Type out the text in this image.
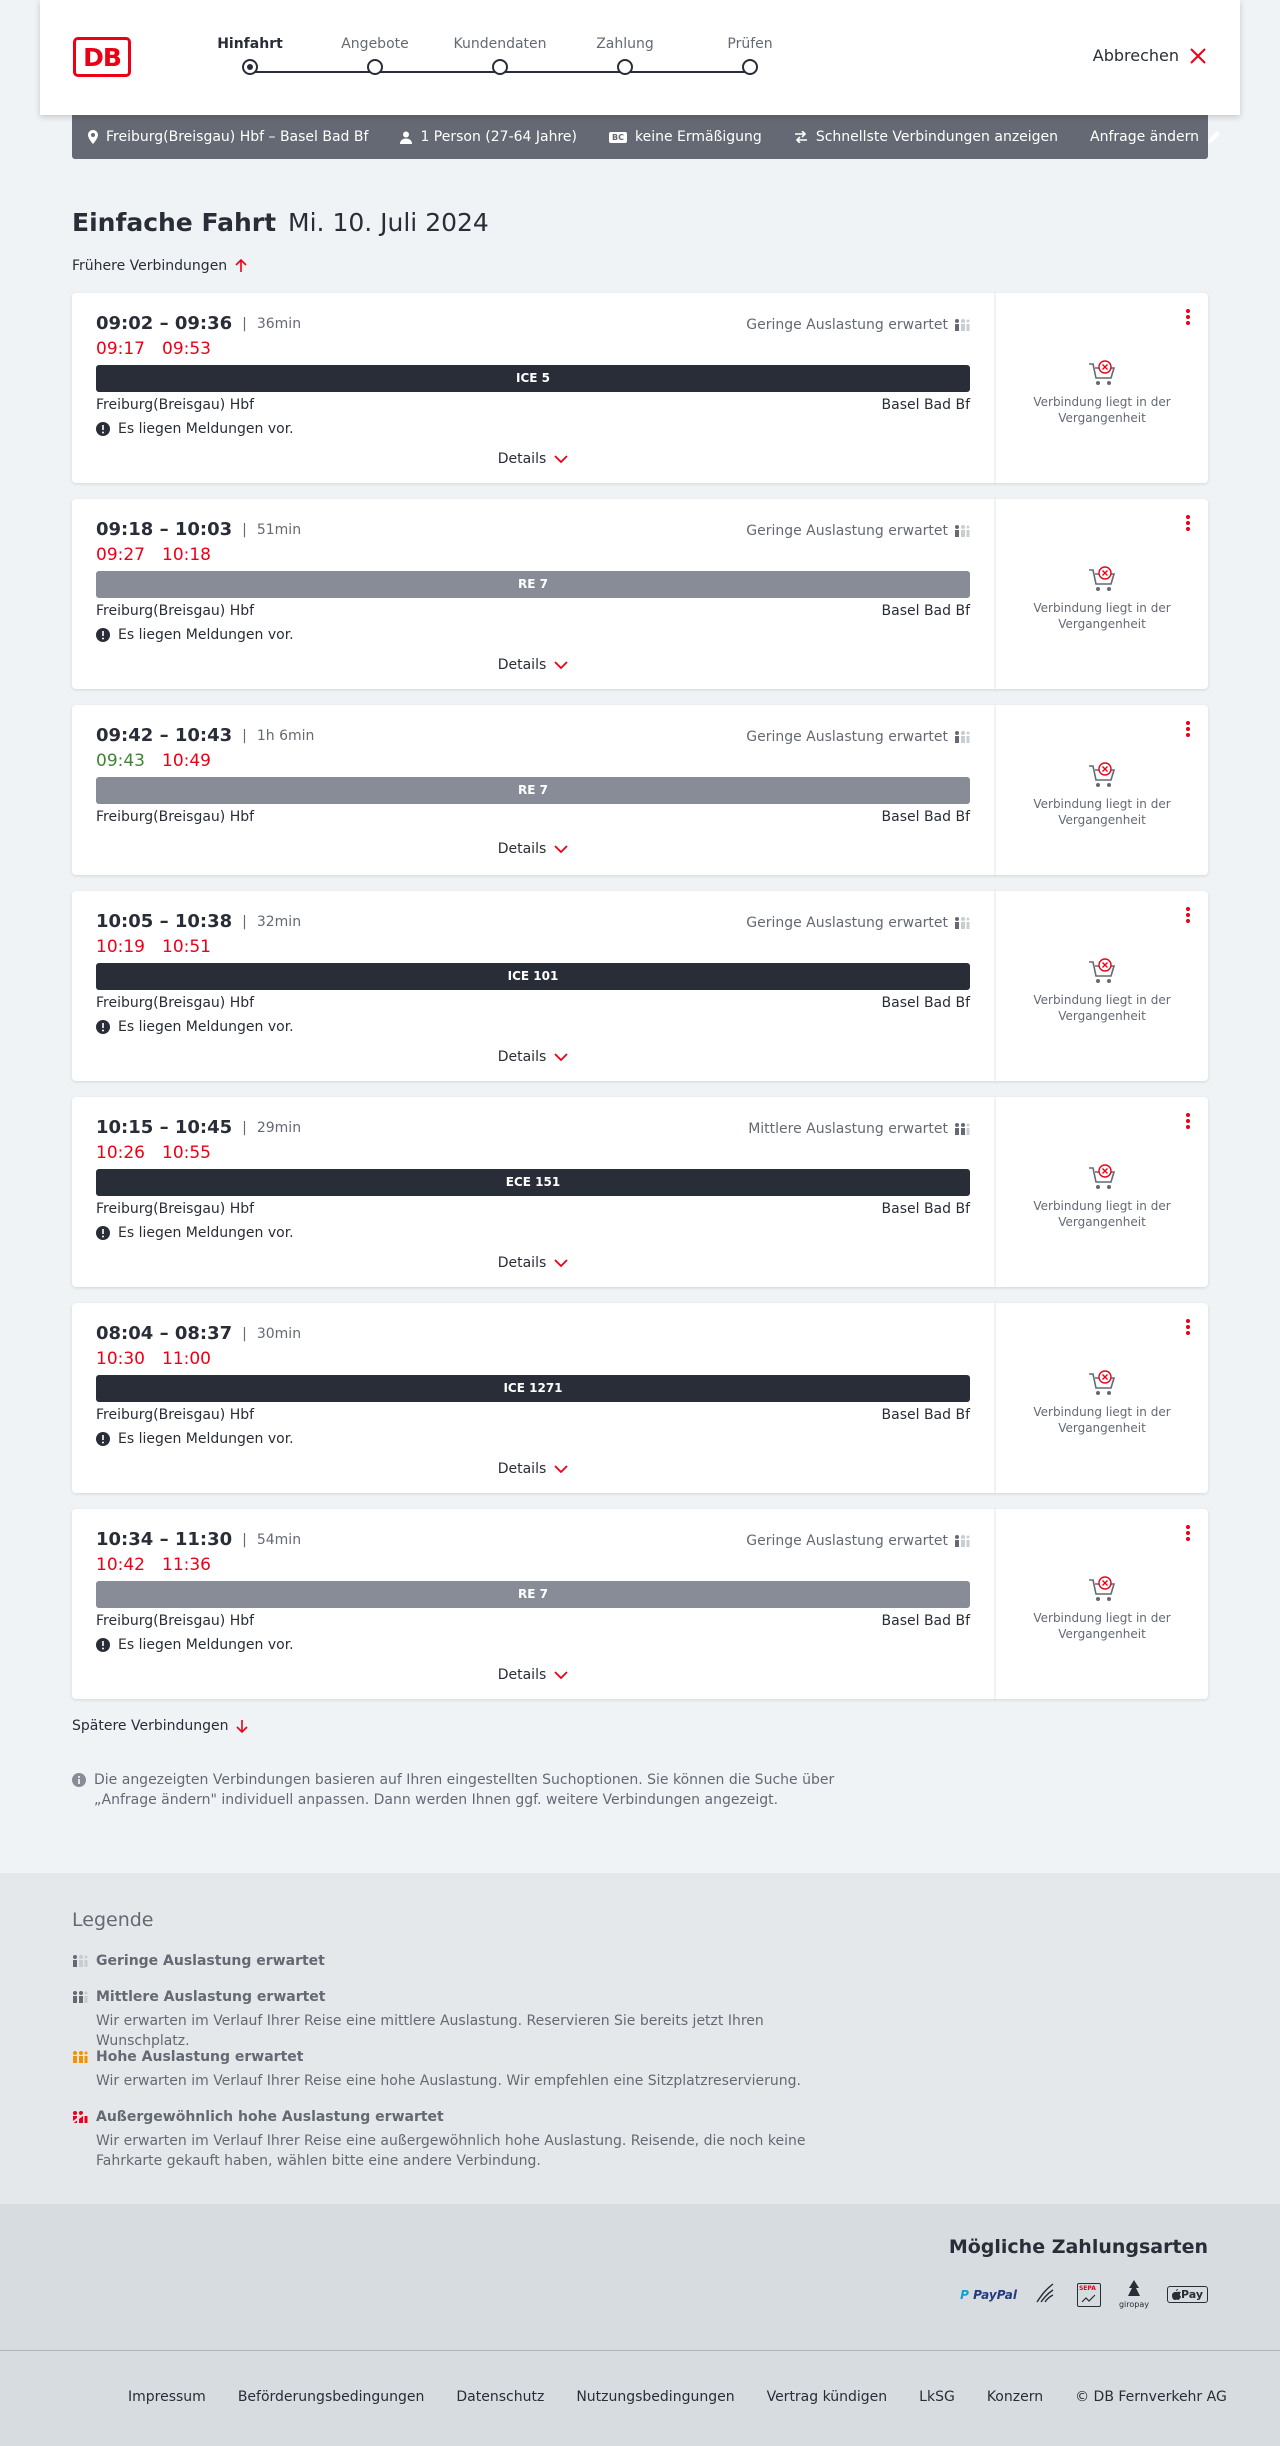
DB	Hinfahrt	Angebote	Kundendaten	Zahlung	Prüfen
Abbrechen
Freiburg(Breisgau) Hbf – Basel Bad Bf	1 Person (27-64 Jahre)	BC keine Ermäßigung	Schnellste Verbindungen anzeigen Anfrage ändern
Einfache Fahrt Mi. 10. Juli 2024
Frühere Verbindungen
09:02 – 09:36 | 36min
09:17	09:53
Geringe Auslastung erwartet
ICE 5
Freiburg(Breisgau) Hbf	Basel Bad Bf
Es liegen Meldungen vor.
Details
Verbindung liegt in der Vergangenheit
09:18 – 10:03 | 51min
09:27	10:18
Geringe Auslastung erwartet
RE 7
Freiburg(Breisgau) Hbf	Basel Bad Bf
Es liegen Meldungen vor.
Details
Verbindung liegt in der Vergangenheit
09:42 – 10:43 | 1h 6min
09:43	10:49
Geringe Auslastung erwartet
RE 7
Freiburg(Breisgau) Hbf	Basel Bad Bf
Details
Verbindung liegt in der Vergangenheit
10:05 – 10:38 | 32min
10:19	10:51
Geringe Auslastung erwartet
ICE 101
Freiburg(Breisgau) Hbf	Basel Bad Bf
Es liegen Meldungen vor.
Details
Verbindung liegt in der Vergangenheit
10:15 – 10:45 | 29min
10:26	10:55
Mittlere Auslastung erwartet
ECE 151
Freiburg(Breisgau) Hbf	Basel Bad Bf
Es liegen Meldungen vor.
Details
Verbindung liegt in der Vergangenheit
08:04 – 08:37 | 30min
10:30	11:00
ICE 1271
Freiburg(Breisgau) Hbf	Basel Bad Bf
Es liegen Meldungen vor.
Details
Verbindung liegt in der Vergangenheit
10:34 – 11:30 | 54min
10:42	11:36
Geringe Auslastung erwartet
RE 7
Freiburg(Breisgau) Hbf	Basel Bad Bf
Es liegen Meldungen vor.
Details
Verbindung liegt in der Vergangenheit
Spätere Verbindungen
Die angezeigten Verbindungen basieren auf Ihren eingestellten Suchoptionen. Sie können die Suche über „Anfrage ändern" individuell anpassen. Dann werden Ihnen ggf. weitere Verbindungen angezeigt.
Legende
Geringe Auslastung erwartet
Mittlere Auslastung erwartet
Wir erwarten im Verlauf Ihrer Reise eine mittlere Auslastung. Reservieren Sie bereits jetzt Ihren Wunschplatz.
Hohe Auslastung erwartet
Wir erwarten im Verlauf Ihrer Reise eine hohe Auslastung. Wir empfehlen eine Sitzplatzreservierung.
Außergewöhnlich hohe Auslastung erwartet
Wir erwarten im Verlauf Ihrer Reise eine außergewöhnlich hohe Auslastung. Reisende, die noch keine Fahrkarte gekauft haben, wählen bitte eine andere Verbindung.
Mögliche Zahlungsarten
P PayPal	SEPA
giropay
Pay
Impressum Beförderungsbedingungen Datenschutz Nutzungsbedingungen Vertrag kündigen LkSG Konzern © DB Fernverkehr AG
